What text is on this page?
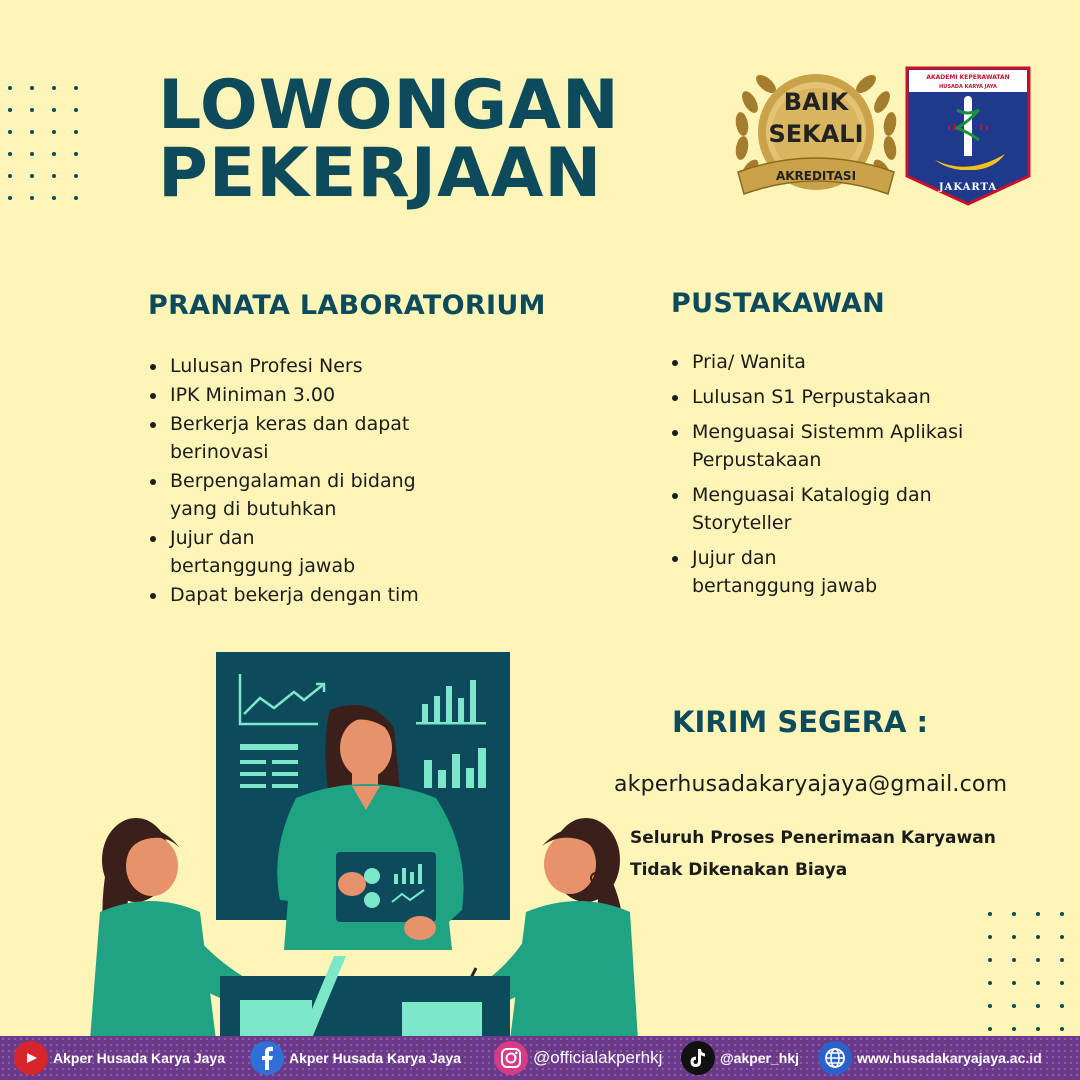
LOWONGAN
PEKERJAAN
BAIK
SEKALI
AKREDITASI
AKADEMI KEPERAWATAN
HUSADA KARYA JAYA
JAKARTA
PRANATA LABORATORIUM
Lulusan Profesi Ners
IPK Miniman 3.00
Berkerja keras dan dapat berinovasi
Berpengalaman di bidang yang di butuhkan
Jujur dan bertanggung jawab
Dapat bekerja dengan tim
PUSTAKAWAN
Pria/ Wanita
Lulusan S1 Perpustakaan
Menguasai Sistemm Aplikasi Perpustakaan
Menguasai Katalogig dan Storyteller
Jujur dan bertanggung jawab
KIRIM SEGERA :
akperhusadakaryajaya@gmail.com
Seluruh Proses Penerimaan Karyawan
Tidak Dikenakan Biaya
Akper Husada Karya Jaya	Akper Husada Karya Jaya	@officialakperhkj	@akper_hkj	www.husadakaryajaya.ac.id
